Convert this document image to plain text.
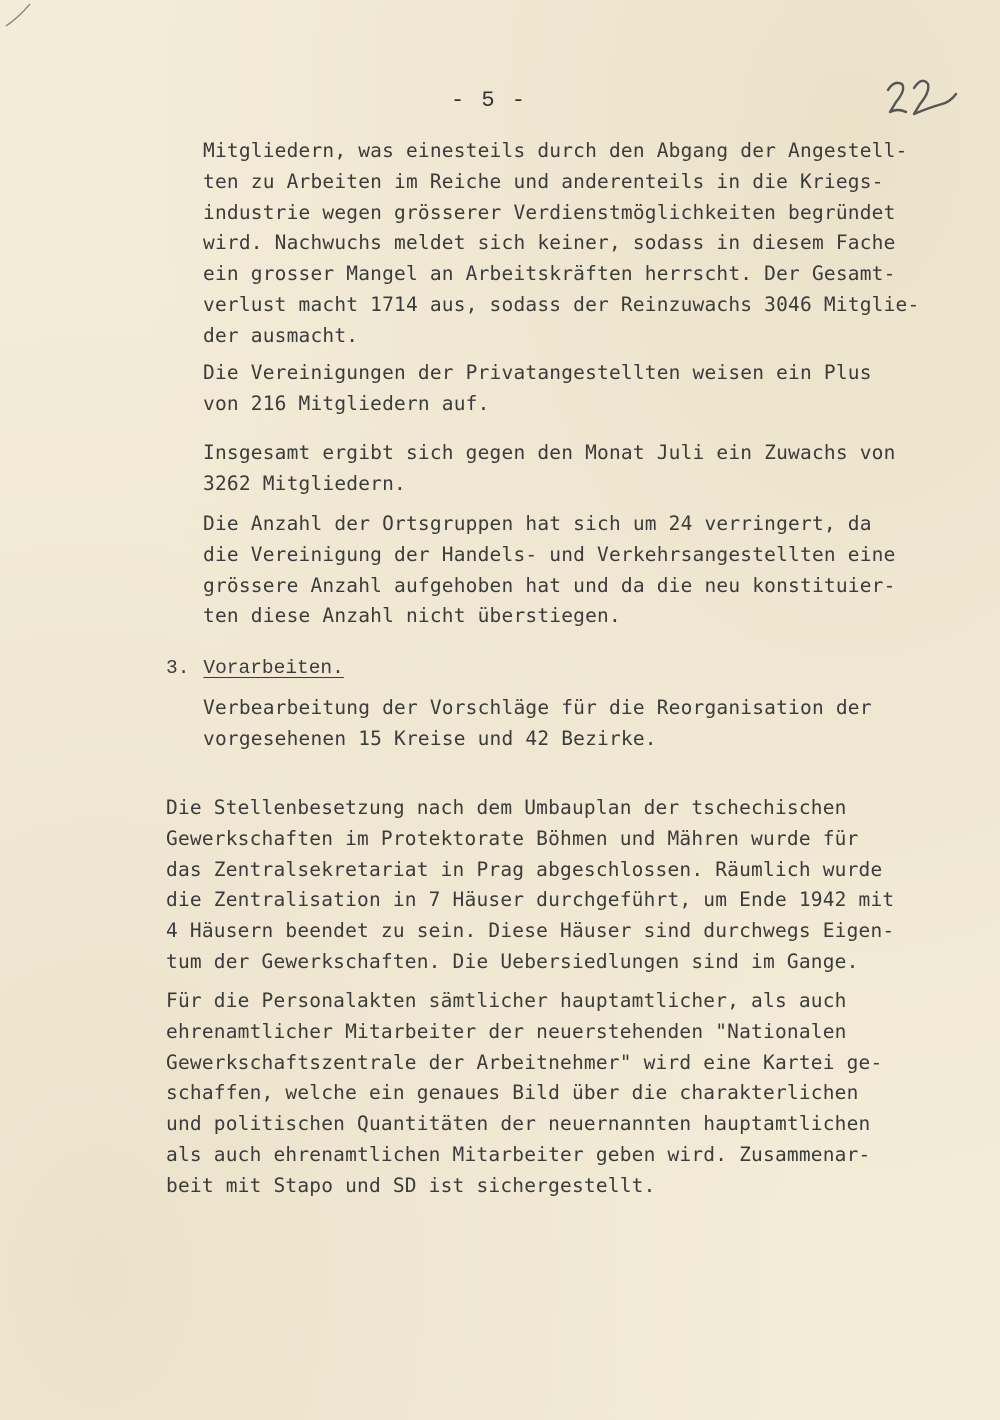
- 5 -
Mitgliedern, was einesteils durch den Abgang der Angestell-
ten zu Arbeiten im Reiche und anderenteils in die Kriegs-
industrie wegen grösserer Verdienstmöglichkeiten begründet
wird. Nachwuchs meldet sich keiner, sodass in diesem Fache
ein grosser Mangel an Arbeitskräften herrscht. Der Gesamt-
verlust macht 1714 aus, sodass der Reinzuwachs 3046 Mitglie-
der ausmacht.
Die Vereinigungen der Privatangestellten weisen ein Plus
von 216 Mitgliedern auf.
Insgesamt ergibt sich gegen den Monat Juli ein Zuwachs von
3262 Mitgliedern.
Die Anzahl der Ortsgruppen hat sich um 24 verringert, da
die Vereinigung der Handels- und Verkehrsangestellten eine
grössere Anzahl aufgehoben hat und da die neu konstituier-
ten diese Anzahl nicht überstiegen.
3. Vorarbeiten.
Verbearbeitung der Vorschläge für die Reorganisation der
vorgesehenen 15 Kreise und 42 Bezirke.
Die Stellenbesetzung nach dem Umbauplan der tschechischen
Gewerkschaften im Protektorate Böhmen und Mähren wurde für
das Zentralsekretariat in Prag abgeschlossen. Räumlich wurde
die Zentralisation in 7 Häuser durchgeführt, um Ende 1942 mit
4 Häusern beendet zu sein. Diese Häuser sind durchwegs Eigen-
tum der Gewerkschaften. Die Uebersiedlungen sind im Gange.
Für die Personalakten sämtlicher hauptamtlicher, als auch
ehrenamtlicher Mitarbeiter der neuerstehenden "Nationalen
Gewerkschaftszentrale der Arbeitnehmer" wird eine Kartei ge-
schaffen, welche ein genaues Bild über die charakterlichen
und politischen Quantitäten der neuernannten hauptamtlichen
als auch ehrenamtlichen Mitarbeiter geben wird. Zusammenar-
beit mit Stapo und SD ist sichergestellt.
